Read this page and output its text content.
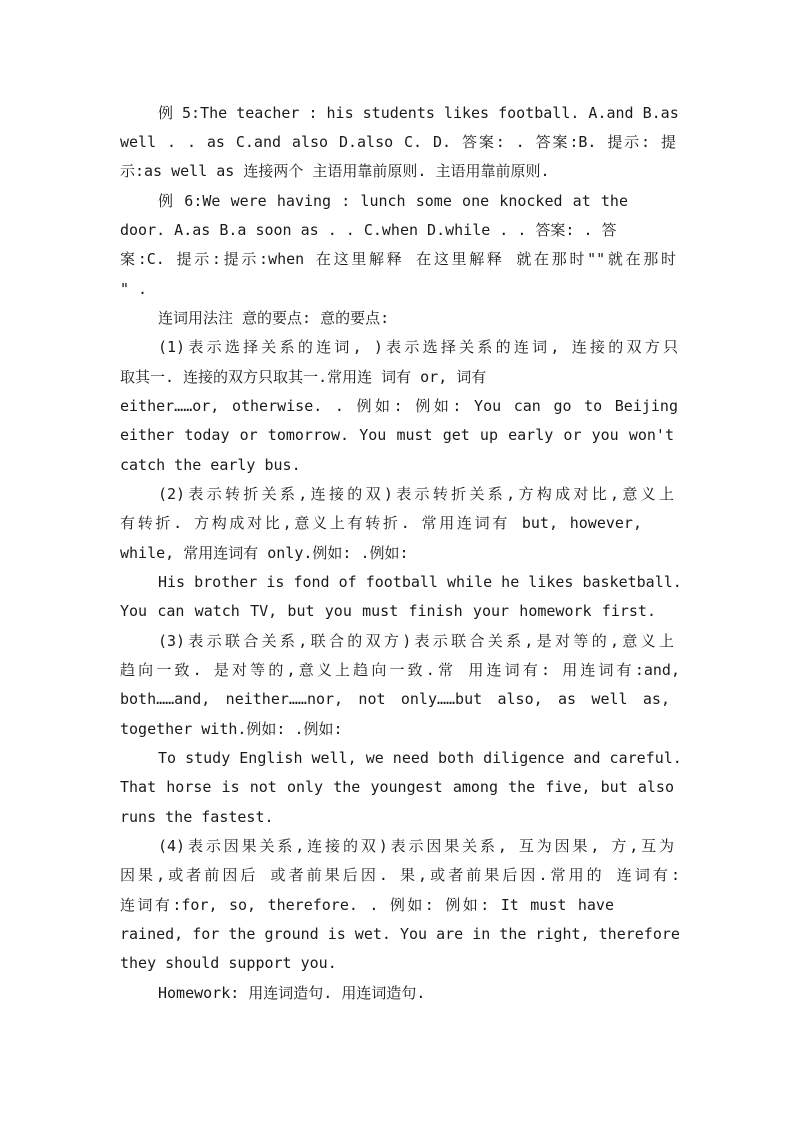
例 5:The teacher : his students likes football. A.and B.as
well . . as C.and also D.also C. D. 答案: . 答案:B. 提示: 提
示:as well as 连接两个 主语用靠前原则. 主语用靠前原则.
例 6:We were having : lunch some one knocked at the
door. A.as B.a soon as . . C.when D.while . . 答案: . 答
案:C. 提示:提示:when 在这里解释 在这里解释 就在那时""就在那时
" .
连词用法注 意的要点: 意的要点:
(1)表示选择关系的连词, )表示选择关系的连词, 连接的双方只
取其一. 连接的双方只取其一.常用连 词有 or, 词有
either……or, otherwise. . 例如: 例如: You can go to Beijing
either today or tomorrow. You must get up early or you won't
catch the early bus.
(2)表示转折关系,连接的双)表示转折关系,方构成对比,意义上
有转折. 方构成对比,意义上有转折. 常用连词有 but, however,
while, 常用连词有 only.例如: .例如:
His brother is fond of football while he likes basketball.
You can watch TV, but you must finish your homework first.
(3)表示联合关系,联合的双方)表示联合关系,是对等的,意义上
趋向一致. 是对等的,意义上趋向一致.常 用连词有: 用连词有:and,
both……and, neither……nor, not only……but also, as well as,
together with.例如: .例如:
To study English well, we need both diligence and careful.
That horse is not only the youngest among the five, but also
runs the fastest.
(4)表示因果关系,连接的双)表示因果关系, 互为因果, 方,互为
因果,或者前因后 或者前果后因. 果,或者前果后因.常用的 连词有:
连词有:for, so, therefore. . 例如: 例如: It must have
rained, for the ground is wet. You are in the right, therefore
they should support you.
Homework: 用连词造句. 用连词造句.
